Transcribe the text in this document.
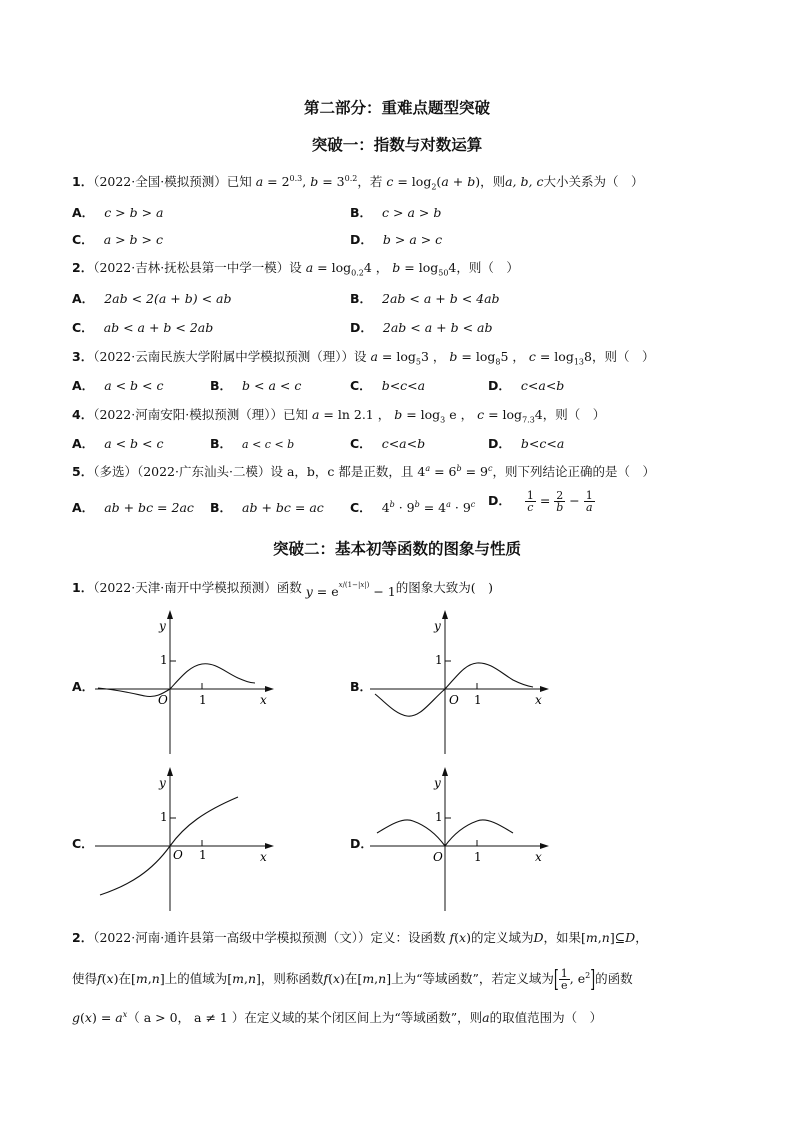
第二部分：重难点题型突破
突破一：指数与对数运算
1．（2022·全国·模拟预测）已知 $a = 2^{0.3}$, $b = 3^{0.2}$，若 $c = \log_2(a + b)$，则a, b, c大小关系为（　）
A． c > b > a	B． c > a > b
C． a > b > c	D． b > a > c
2．（2022·吉林·抚松县第一中学一模）设 $a = \log_{0.2}4$ ， $b = \log_{50}4$，则（　）
A． 2ab < 2(a + b) < ab	B． 2ab < a + b < 4ab
C． ab < a + b < 2ab	D． 2ab < a + b < ab
3．（2022·云南民族大学附属中学模拟预测（理））设 $a = \log_53$ ， $b = \log_85$ ， $c = \log_{13}8$，则（　）
A． a < b < c	B． b < a < c	C． b<c<a	D． c<a<b
4．（2022·河南安阳·模拟预测（理））已知 a = ln 2.1 ， $b = \log_3 e$ ， $c = \log_{7.3}4$，则（　）
A． a < b < c	B． a < c < b	C． c<a<b	D． b<c<a
5．（多选）（2022·广东汕头·二模）设 a，b，c 都是正数，且 $4^a = 6^b = 9^c$，则下列结论正确的是（　）
A． ab + bc = 2ac B． ab + bc = ac C． $4^b \cdot 9^b = 4^a \cdot 9^c$ D． $\frac{1}{c} = \frac{2}{b} - \frac{1}{a}$
突破二：基本初等函数的图象与性质
1．（2022·天津·南开中学模拟预测）函数 $y = e^{x/(1-|x|)} - 1$的图象大致为(　)
A．	B．
C．	D．
y
x
O
1
1
y
x
O
1
1
y
x
O
1
1
y
x
O
1
1
2．（2022·河南·通许县第一高级中学模拟预测（文））定义：设函数 f(x)的定义域为D，如果[m,n]⊆D，
使得f(x)在[m,n]上的值域为[m,n]，则称函数f(x)在[m,n]上为“等域函数”，若定义域为[ $\frac{1}{e}$ , $e^2$]的函数
$g(x) = a^x$（ a > 0， a ≠ 1 ）在定义域的某个闭区间上为“等域函数”，则a的取值范围为（　）
